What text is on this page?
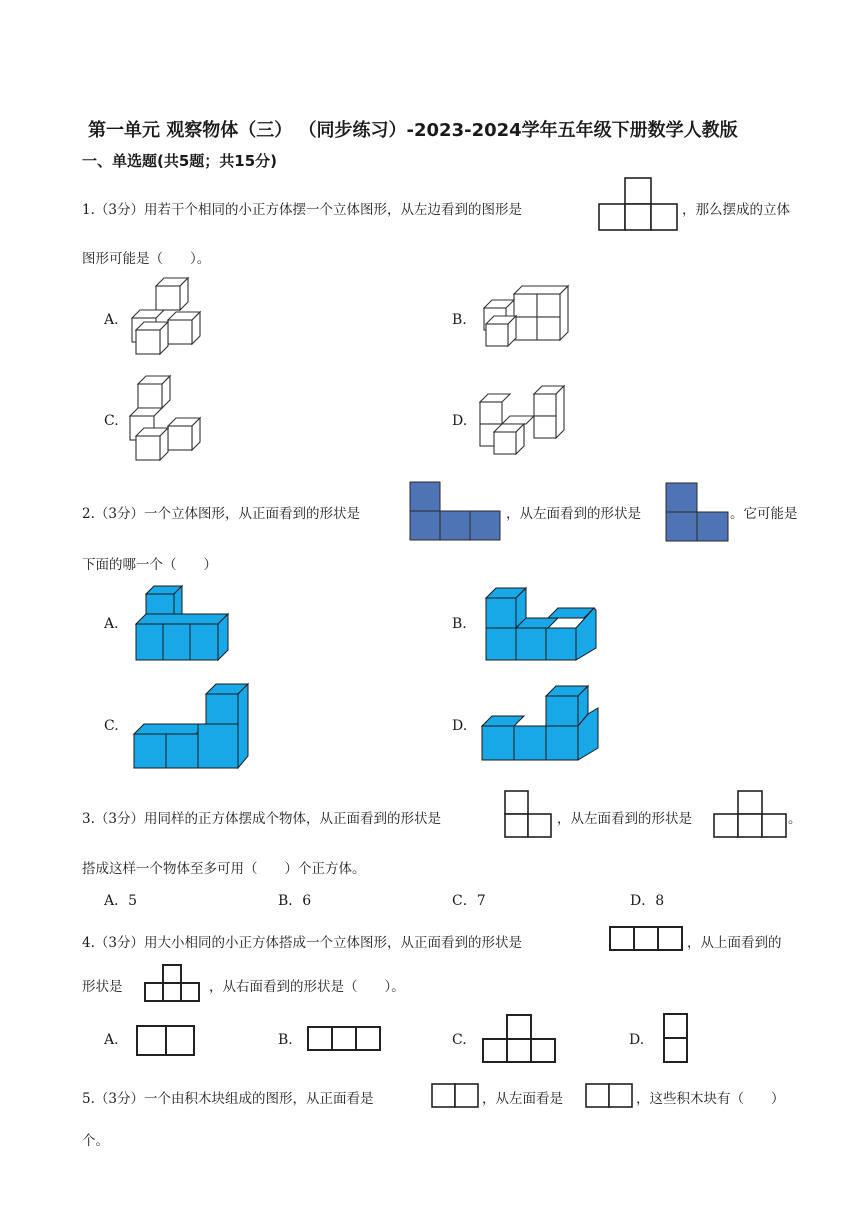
第一单元 观察物体（三） （同步练习）-2023-2024学年五年级下册数学人教版
一、单选题(共5题；共15分)
1.（3分）用若干个相同的小正方体摆一个立体图形，从左边看到的图形是	，那么摆成的立体
图形可能是（　　）。
A.	B.
C.	D.
2.（3分）一个立体图形，从正面看到的形状是	，从左面看到的形状是	。它可能是
下面的哪一个（　　）
A.	B.
C.	D.
3.（3分）用同样的正方体摆成个物体，从正面看到的形状是	，从左面看到的形状是	。
搭成这样一个物体至多可用（　　）个正方体。
A．5	B．6	C．7	D．8
4.（3分）用大小相同的小正方体搭成一个立体图形，从正面看到的形状是	，从上面看到的
形状是	，从右面看到的形状是（　　）。
A.	B.	C.	D.
5.（3分）一个由积木块组成的图形，从正面看是	，从左面看是	，这些积木块有（　　）
个。
